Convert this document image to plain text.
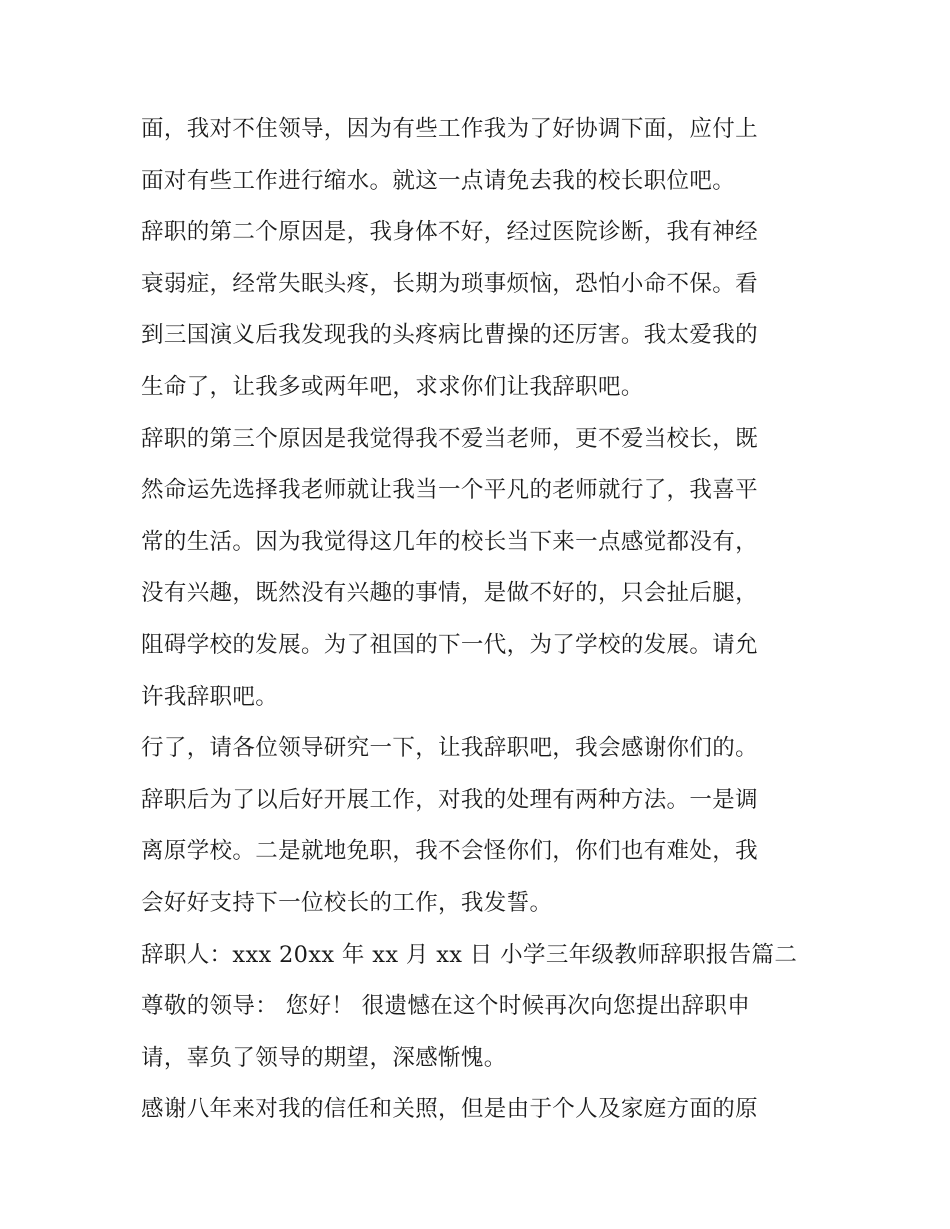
面，我对不住领导，因为有些工作我为了好协调下面，应付上
面对有些工作进行缩水。就这一点请免去我的校长职位吧。
辞职的第二个原因是，我身体不好，经过医院诊断，我有神经
衰弱症，经常失眠头疼，长期为琐事烦恼，恐怕小命不保。看
到三国演义后我发现我的头疼病比曹操的还厉害。我太爱我的
生命了，让我多或两年吧，求求你们让我辞职吧。
辞职的第三个原因是我觉得我不爱当老师，更不爱当校长，既
然命运先选择我老师就让我当一个平凡的老师就行了，我喜平
常的生活。因为我觉得这几年的校长当下来一点感觉都没有，
没有兴趣，既然没有兴趣的事情，是做不好的，只会扯后腿，
阻碍学校的发展。为了祖国的下一代，为了学校的发展。请允
许我辞职吧。
行了，请各位领导研究一下，让我辞职吧，我会感谢你们的。
辞职后为了以后好开展工作，对我的处理有两种方法。一是调
离原学校。二是就地免职，我不会怪你们，你们也有难处，我
会好好支持下一位校长的工作，我发誓。
辞职人：xxx 20xx 年 xx 月 xx 日 小学三年级教师辞职报告篇二
尊敬的领导： 您好！ 很遗憾在这个时候再次向您提出辞职申
请，辜负了领导的期望，深感惭愧。
感谢八年来对我的信任和关照，但是由于个人及家庭方面的原
